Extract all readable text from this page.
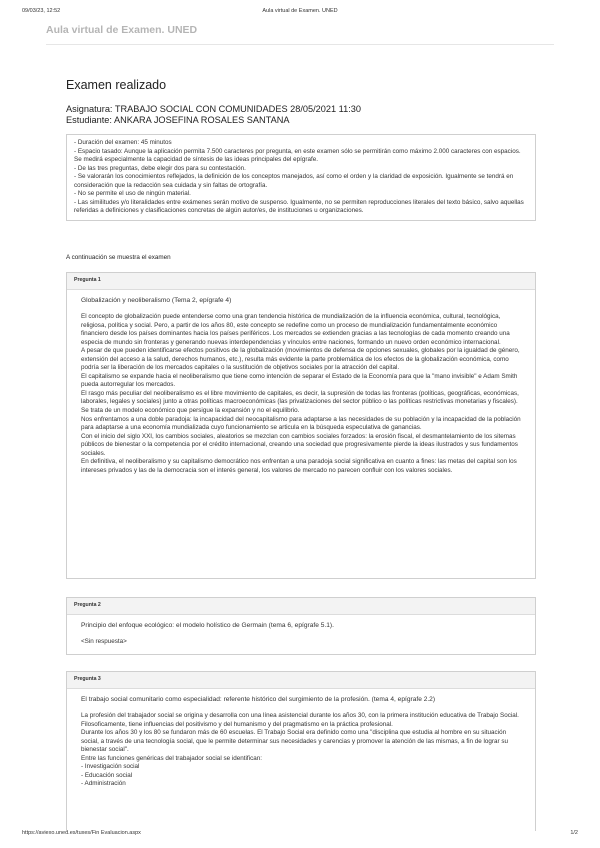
09/03/23, 12:52	Aula virtual de Examen. UNED
Aula virtual de Examen. UNED
Examen realizado
Asignatura: TRABAJO SOCIAL CON COMUNIDADES 28/05/2021 11:30
Estudiante: ANKARA JOSEFINA ROSALES SANTANA
- Duración del examen: 45 minutos
- Espacio tasado: Aunque la aplicación permita 7.500 caracteres por pregunta, en este examen sólo se permitirán como máximo 2.000 caracteres con espacios. Se medirá especialmente la capacidad de síntesis de las ideas principales del epígrafe.
- De las tres preguntas, debe elegir dos para su contestación.
- Se valorarán los conocimientos reflejados, la definición de los conceptos manejados, así como el orden y la claridad de exposición. Igualmente se tendrá en consideración que la redacción sea cuidada y sin faltas de ortografía.
- No se permite el uso de ningún material.
- Las similitudes y/o literalidades entre exámenes serán motivo de suspenso. Igualmente, no se permiten reproducciones literales del texto básico, salvo aquellas referidas a definiciones y clasificaciones concretas de algún autor/es, de instituciones u organizaciones.
A continuación se muestra el examen
Pregunta 1
Globalización y neoliberalismo (Tema 2, epígrafe 4)

El concepto de globalización puede entenderse como una gran tendencia histórica de mundialización de la influencia económica, cultural, tecnológica, religiosa, política y social. Pero, a partir de los años 80, este concepto se redefine como un proceso de mundialización fundamentalmente económico financiero desde los países dominantes hacia los países periféricos. Los mercados se extienden gracias a las tecnologías de cada momento creando una especia de mundo sin fronteras y generando nuevas interdependencias y vínculos entre naciones, formando un nuevo orden económico internacional.

A pesar de que pueden identificarse efectos positivos de la globalización (movimientos de defensa de opciones sexuales, globales por la igualdad de género, extensión del acceso a la salud, derechos humanos, etc.), resulta más evidente la parte problemática de los efectos de la globalización económica, como podría ser la liberación de los mercados capitales o la sustitución de objetivos sociales por la atracción del capital.

El capitalismo se expande hacia el neoliberalismo que tiene como intención de separar el Estado de la Economía para que la "mano invisible" e Adam Smith pueda autorregular los mercados.

El rasgo más peculiar del neoliberalismo es el libre movimiento de capitales, es decir, la supresión de todas las fronteras (políticas, geográficas, económicas, laborales, legales y sociales) junto a otras políticas macroeconómicas (las privatizaciones del sector público o las políticas restrictivas monetarias y fiscales). Se trata de un modelo económico que persigue la expansión y no el equilibrio.

Nos enfrentamos a una doble paradoja: la incapacidad del neocapitalismo para adaptarse a las necesidades de su población y la incapacidad de la población para adaptarse a una economía mundializada cuyo funcionamiento se articula en la búsqueda especulativa de ganancias.

Con el inicio del siglo XXI, los cambios sociales, aleatorios se mezclan con cambios sociales forzados: la erosión fiscal, el desmantelamiento de los sitemas públicos de bienestar o la competencia por el crédito internacional, creando una sociedad que progresivamente pierde la ideas ilustrados y sus fundamentos sociales.

En definitiva, el neoliberalismo y su capitalismo democrático nos enfrentan a una paradoja social significativa en cuanto a fines: las metas del capital son los intereses privados y las de la democracia son el interés general, los valores de mercado no parecen confluir con los valores sociales.

Pregunta 2
Principio del enfoque ecológico: el modelo holístico de Germain (tema 6, epígrafe 5.1).

<Sin respuesta>

Pregunta 3
El trabajo social comunitario como especialidad: referente histórico del surgimiento de la profesión. (tema 4, epígrafe 2.2)

La profesión del trabajador social se origina y desarrolla con una línea asistencial durante los años 30, con la primera institución educativa de Trabajo Social. Filosoficamente, tiene influencias del positivismo y del humanismo y del pragmatismo en la práctica profesional.

Durante los años 30 y los 80 se fundaron más de 60 escuelas. El Trabajo Social era definido como una "disciplina que estudia al hombre en su situación social, a través de una tecnología social, que le permite determinar sus necesidades y carencias y promover la atención de las mismas, a fin de lograr su bienestar social".

Entre las funciones genéricas del trabajador social se identifican:

- Investigación social

- Educación social

- Administración

https://aviexo.uned.es/tuxes/Fin Evaluacion.aspx	1/2
